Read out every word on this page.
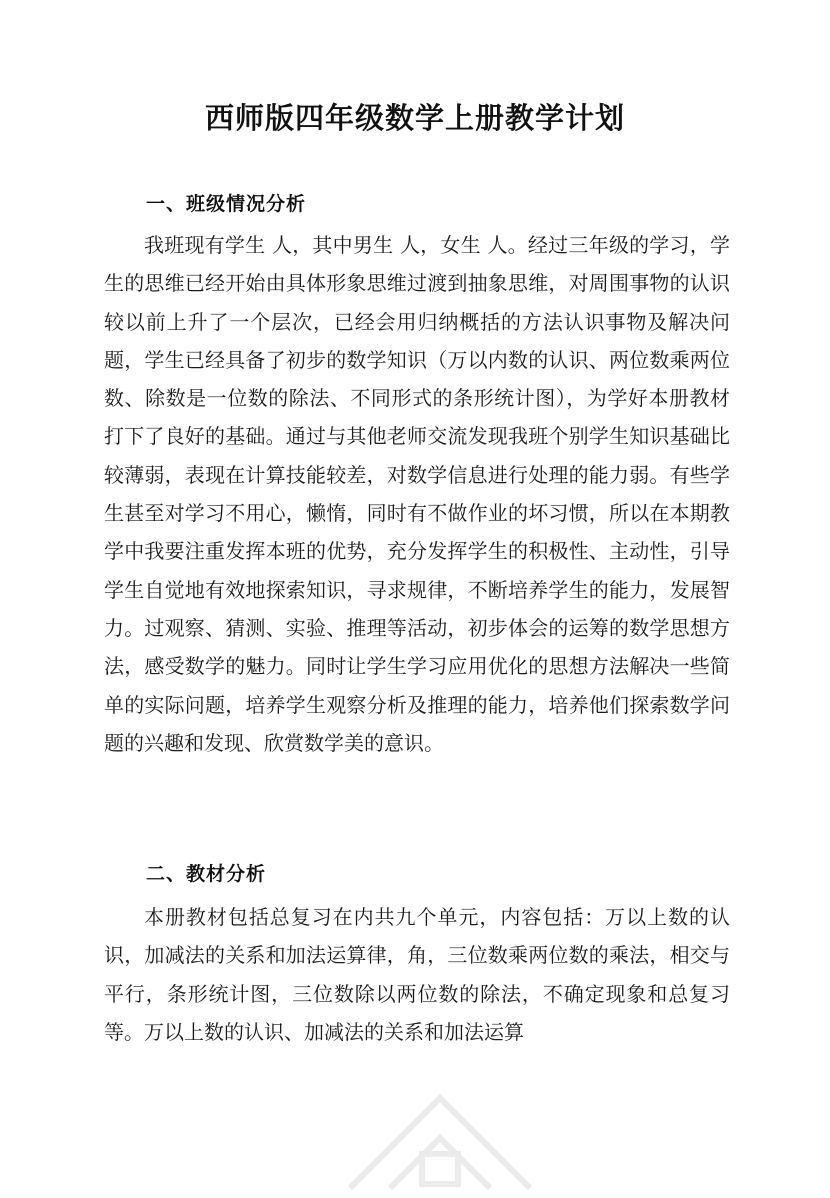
西师版四年级数学上册教学计划
一、班级情况分析

我班现有学生 人，其中男生 人，女生 人。经过三年级的学习，学生的思维已经开始由具体形象思维过渡到抽象思维，对周围事物的认识较以前上升了一个层次，已经会用归纳概括的方法认识事物及解决问题，学生已经具备了初步的数学知识（万以内数的认识、两位数乘两位数、除数是一位数的除法、不同形式的条形统计图），为学好本册教材打下了良好的基础。通过与其他老师交流发现我班个别学生知识基础比较薄弱，表现在计算技能较差，对数学信息进行处理的能力弱。有些学生甚至对学习不用心，懒惰，同时有不做作业的坏习惯，所以在本期教学中我要注重发挥本班的优势，充分发挥学生的积极性、主动性，引导学生自觉地有效地探索知识，寻求规律，不断培养学生的能力，发展智力。过观察、猜测、实验、推理等活动，初步体会的运筹的数学思想方法，感受数学的魅力。同时让学生学习应用优化的思想方法解决一些简单的实际问题，培养学生观察分析及推理的能力，培养他们探索数学问题的兴趣和发现、欣赏数学美的意识。

二、教材分析

本册教材包括总复习在内共九个单元，内容包括：万以上数的认识，加减法的关系和加法运算律，角，三位数乘两位数的乘法，相交与平行，条形统计图，三位数除以两位数的除法，不确定现象和总复习等。万以上数的认识、加减法的关系和加法运算
